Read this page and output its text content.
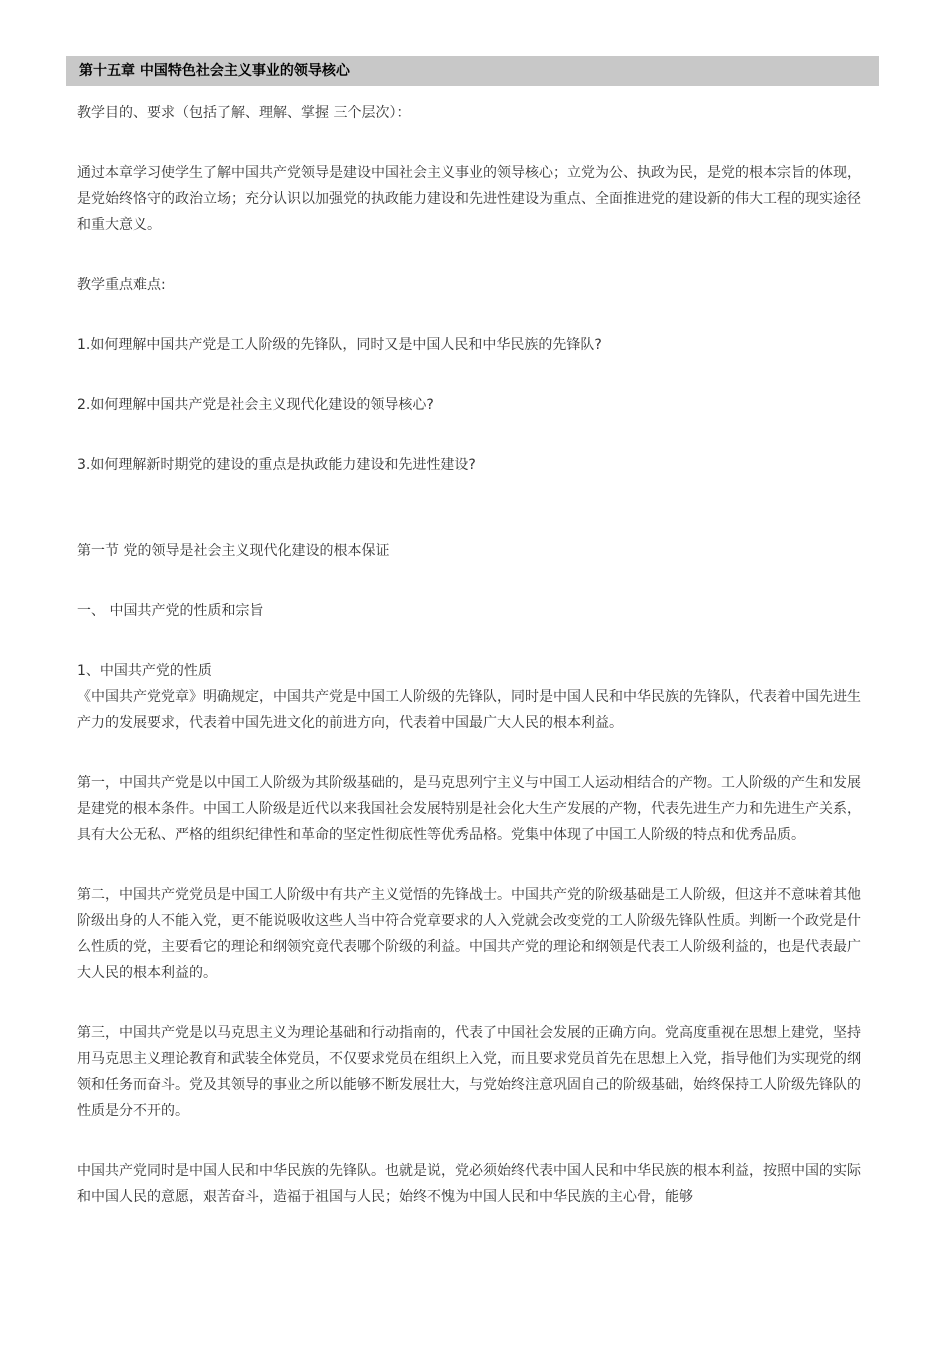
第十五章 中国特色社会主义事业的领导核心

教学目的、要求（包括了解、理解、掌握 三个层次）：

通过本章学习使学生了解中国共产党领导是建设中国社会主义事业的领导核心；立党为公、执政为民，是党的根本宗旨的体现，是党始终恪守的政治立场；充分认识以加强党的执政能力建设和先进性建设为重点、全面推进党的建设新的伟大工程的现实途径和重大意义。

教学重点难点:

1.如何理解中国共产党是工人阶级的先锋队，同时又是中国人民和中华民族的先锋队?

2.如何理解中国共产党是社会主义现代化建设的领导核心?

3.如何理解新时期党的建设的重点是执政能力建设和先进性建设?

第一节 党的领导是社会主义现代化建设的根本保证

一、 中国共产党的性质和宗旨

1、中国共产党的性质

《中国共产党党章》明确规定，中国共产党是中国工人阶级的先锋队，同时是中国人民和中华民族的先锋队，代表着中国先进生产力的发展要求，代表着中国先进文化的前进方向，代表着中国最广大人民的根本利益。

第一，中国共产党是以中国工人阶级为其阶级基础的，是马克思列宁主义与中国工人运动相结合的产物。工人阶级的产生和发展是建党的根本条件。中国工人阶级是近代以来我国社会发展特别是社会化大生产发展的产物，代表先进生产力和先进生产关系，具有大公无私、严格的组织纪律性和革命的坚定性彻底性等优秀品格。党集中体现了中国工人阶级的特点和优秀品质。

第二，中国共产党党员是中国工人阶级中有共产主义觉悟的先锋战士。中国共产党的阶级基础是工人阶级，但这并不意味着其他阶级出身的人不能入党，更不能说吸收这些人当中符合党章要求的人入党就会改变党的工人阶级先锋队性质。判断一个政党是什么性质的党，主要看它的理论和纲领究竟代表哪个阶级的利益。中国共产党的理论和纲领是代表工人阶级利益的，也是代表最广大人民的根本利益的。

第三，中国共产党是以马克思主义为理论基础和行动指南的，代表了中国社会发展的正确方向。党高度重视在思想上建党，坚持用马克思主义理论教育和武装全体党员，不仅要求党员在组织上入党，而且要求党员首先在思想上入党，指导他们为实现党的纲领和任务而奋斗。党及其领导的事业之所以能够不断发展壮大，与党始终注意巩固自己的阶级基础，始终保持工人阶级先锋队的性质是分不开的。

中国共产党同时是中国人民和中华民族的先锋队。也就是说，党必须始终代表中国人民和中华民族的根本利益，按照中国的实际和中国人民的意愿，艰苦奋斗，造福于祖国与人民；始终不愧为中国人民和中华民族的主心骨，能够
